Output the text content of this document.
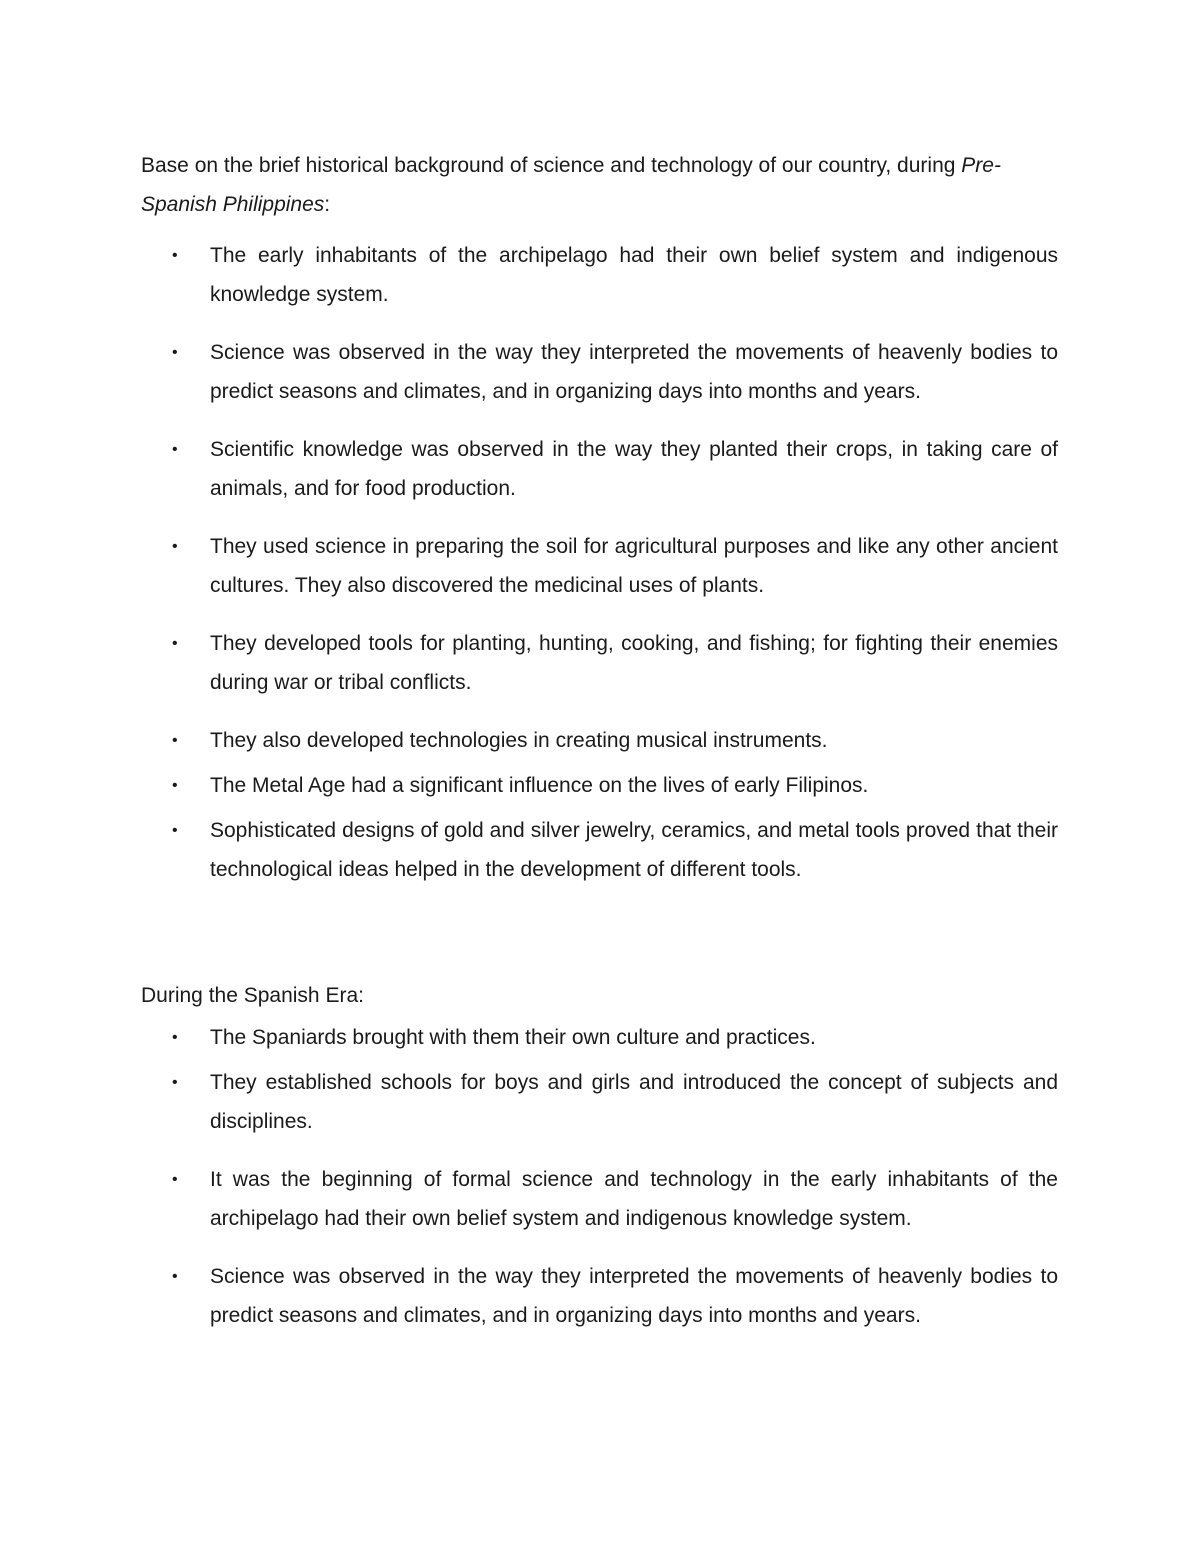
Base on the brief historical background of science and technology of our country, during Pre-Spanish Philippines:

• The early inhabitants of the archipelago had their own belief system and indigenous knowledge system.
• Science was observed in the way they interpreted the movements of heavenly bodies to predict seasons and climates, and in organizing days into months and years.
• Scientific knowledge was observed in the way they planted their crops, in taking care of animals, and for food production.
• They used science in preparing the soil for agricultural purposes and like any other ancient cultures. They also discovered the medicinal uses of plants.
• They developed tools for planting, hunting, cooking, and fishing; for fighting their enemies during war or tribal conflicts.
• They also developed technologies in creating musical instruments.
• The Metal Age had a significant influence on the lives of early Filipinos.
• Sophisticated designs of gold and silver jewelry, ceramics, and metal tools proved that their technological ideas helped in the development of different tools.

During the Spanish Era:

• The Spaniards brought with them their own culture and practices.
• They established schools for boys and girls and introduced the concept of subjects and disciplines.
• It was the beginning of formal science and technology in the early inhabitants of the archipelago had their own belief system and indigenous knowledge system.
• Science was observed in the way they interpreted the movements of heavenly bodies to predict seasons and climates, and in organizing days into months and years.
